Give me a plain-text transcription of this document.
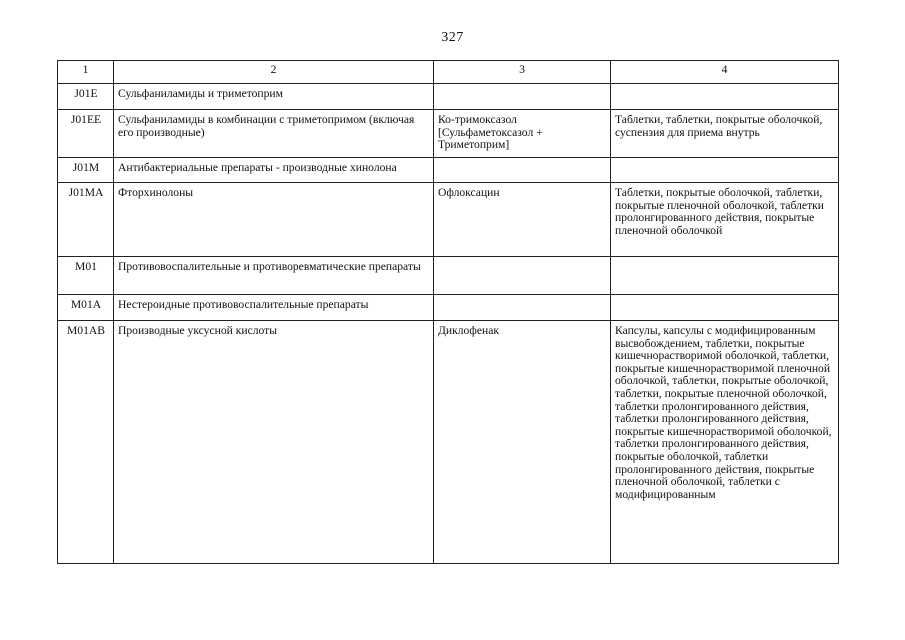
327
1	2	3	4
J01E	Сульфаниламиды и триметоприм		
J01EE	Сульфаниламиды в комбинации с триметопримом (включая его производные)	Ко-тримоксазол [Сульфаметоксазол + Триметоприм]	Таблетки, таблетки, покрытые оболочкой, суспензия для приема внутрь
J01M	Антибактериальные препараты - производные хинолона		
J01MA	Фторхинолоны	Офлоксацин	Таблетки, покрытые оболочкой, таблетки, покрытые пленочной оболочкой, таблетки пролонгированного действия, покрытые пленочной оболочкой
M01	Противовоспалительные и противоревматические препараты		
M01A	Нестероидные противовоспалительные препараты		
M01AB	Производные уксусной кислоты	Диклофенак	Капсулы, капсулы с модифицированным высвобождением, таблетки, покрытые кишечнорастворимой оболочкой, таблетки, покрытые кишечнорастворимой пленочной оболочкой, таблетки, покрытые оболочкой, таблетки, покрытые пленочной оболочкой, таблетки пролонгированного действия, таблетки пролонгированного действия, покрытые кишечнорастворимой оболочкой, таблетки пролонгированного действия, покрытые оболочкой, таблетки пролонгированного действия, покрытые пленочной оболочкой, таблетки с модифицированным
